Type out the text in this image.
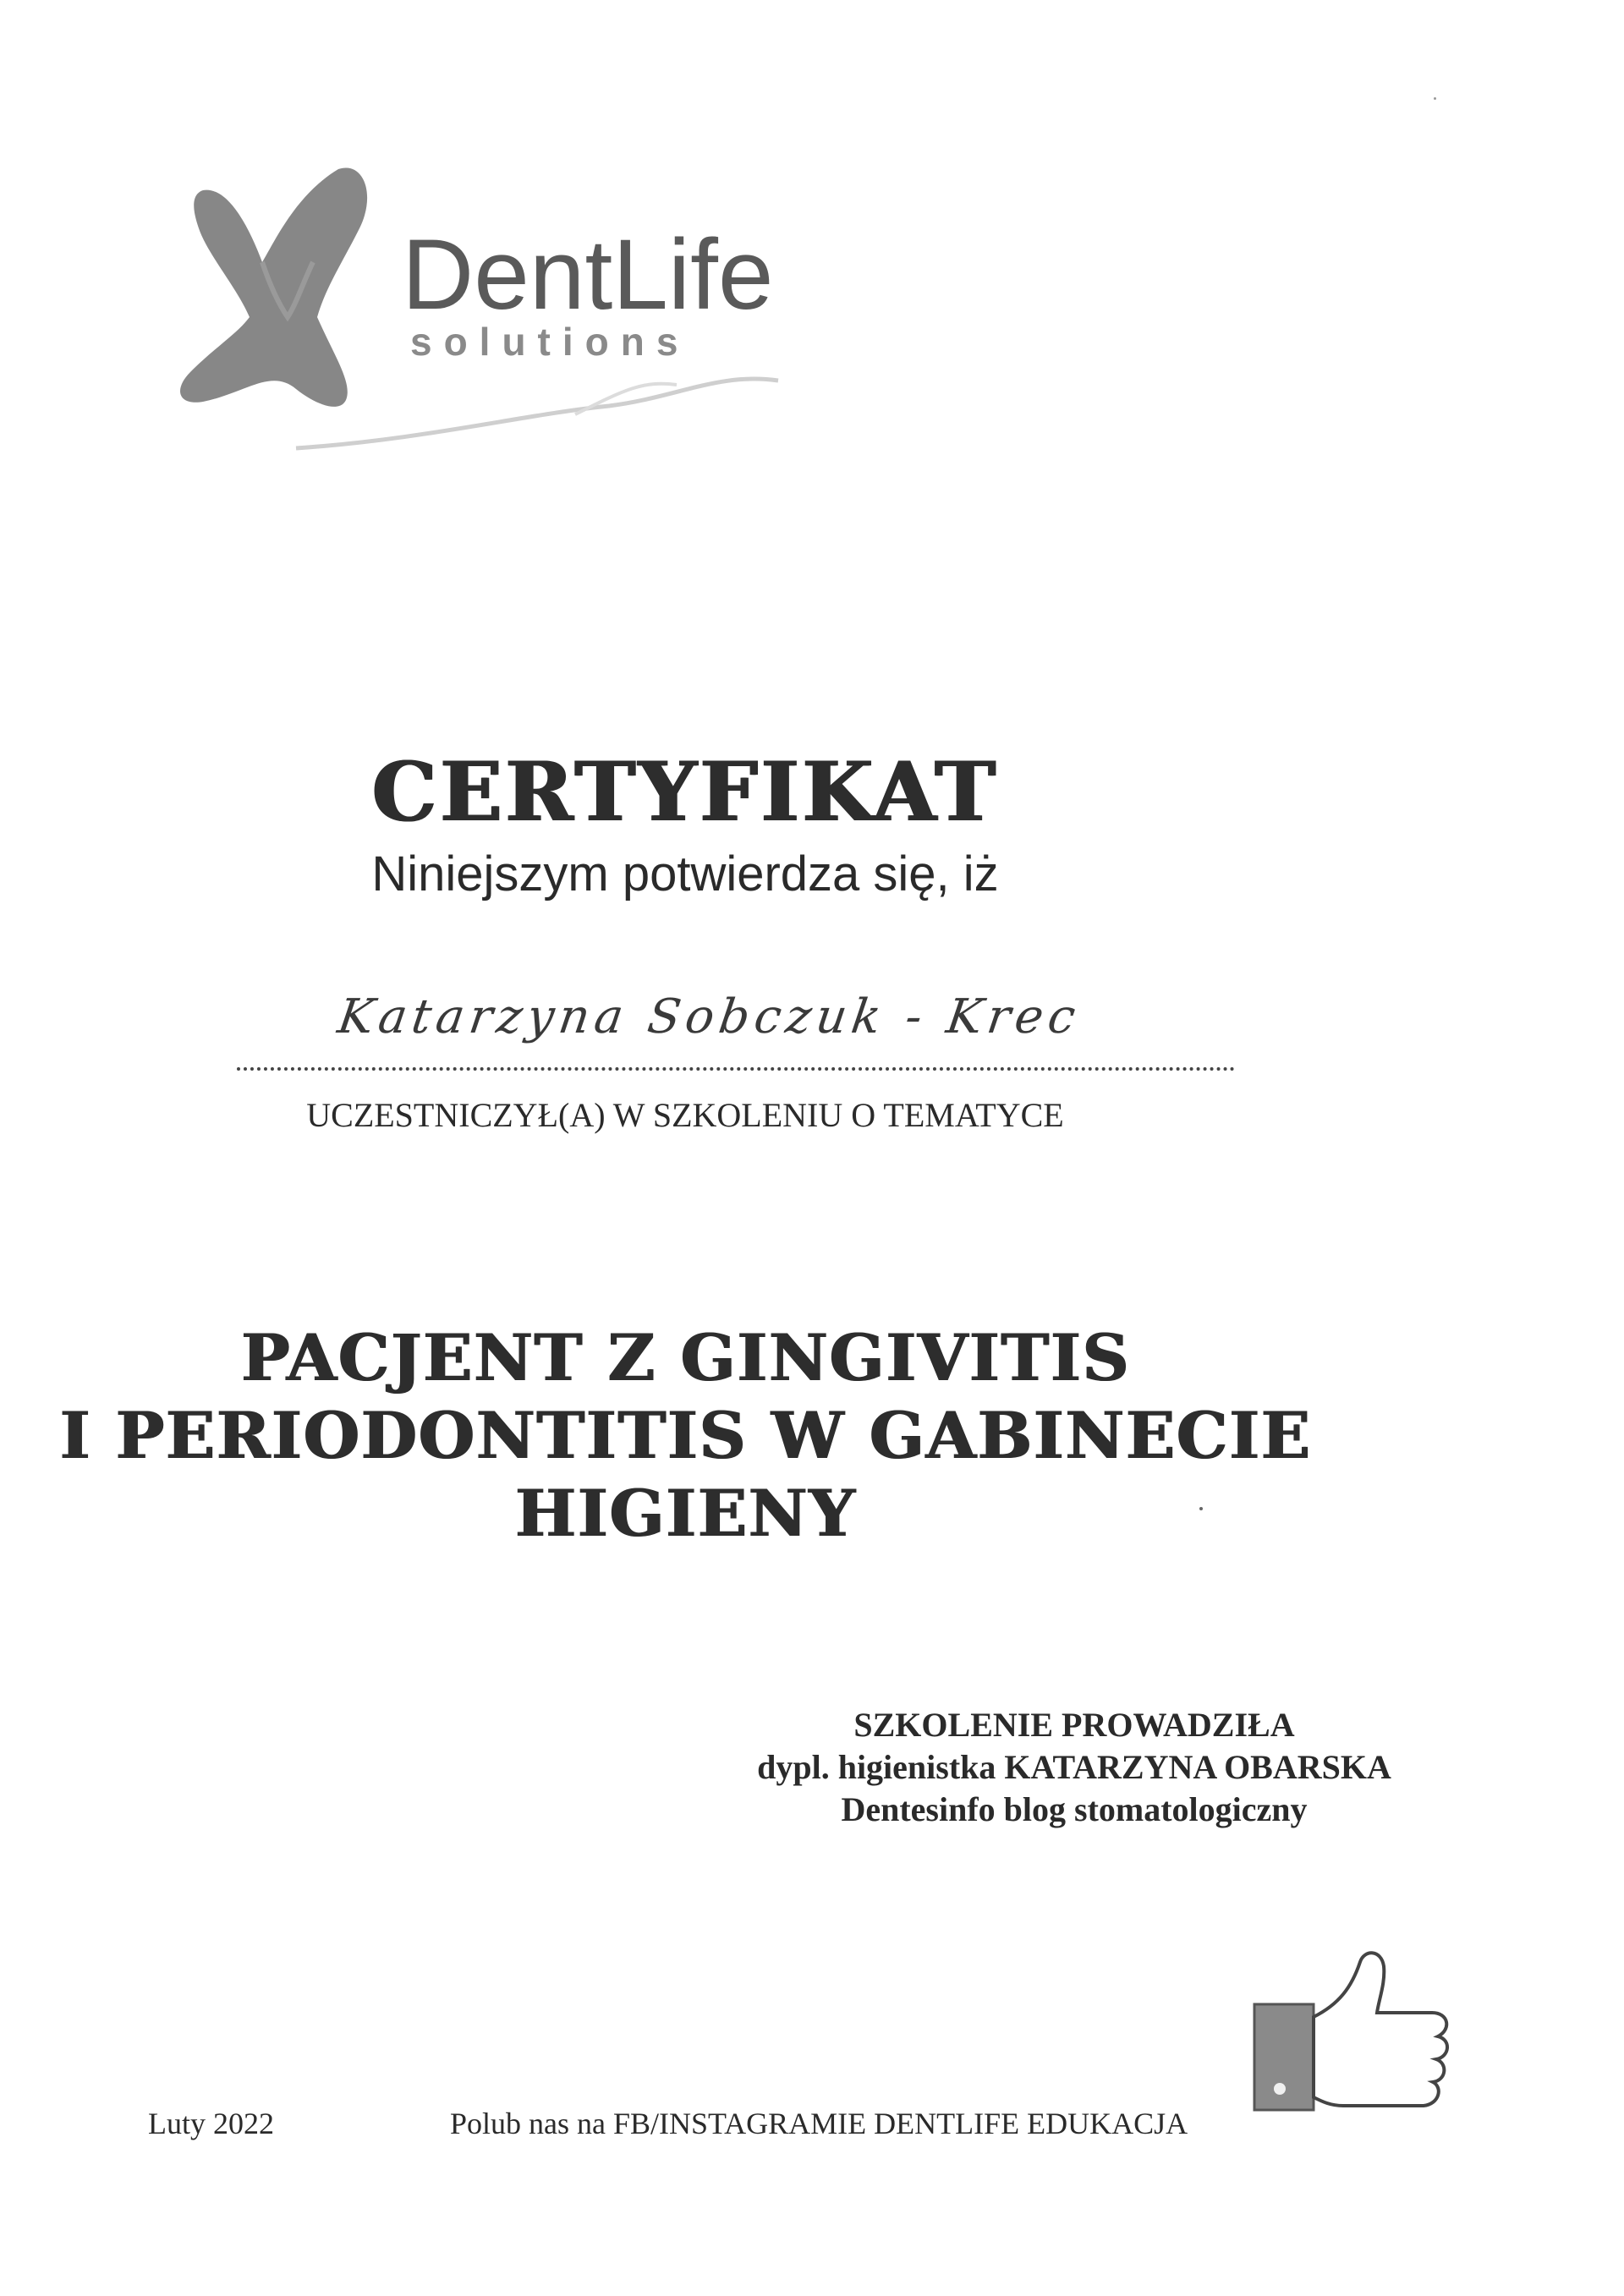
DentLife
solutions
CERTYFIKAT
Niniejszym potwierdza się, iż
Katarzyna Sobczuk - Krec
UCZESTNICZYŁ(A) W SZKOLENIU O TEMATYCE
PACJENT Z GINGIVITIS
I PERIODONTITIS W GABINECIE
HIGIENY
SZKOLENIE PROWADZIŁA
dypl. higienistka KATARZYNA OBARSKA
Dentesinfo blog stomatologiczny
Luty 2022	Polub nas na FB/INSTAGRAMIE DENTLIFE EDUKACJA
